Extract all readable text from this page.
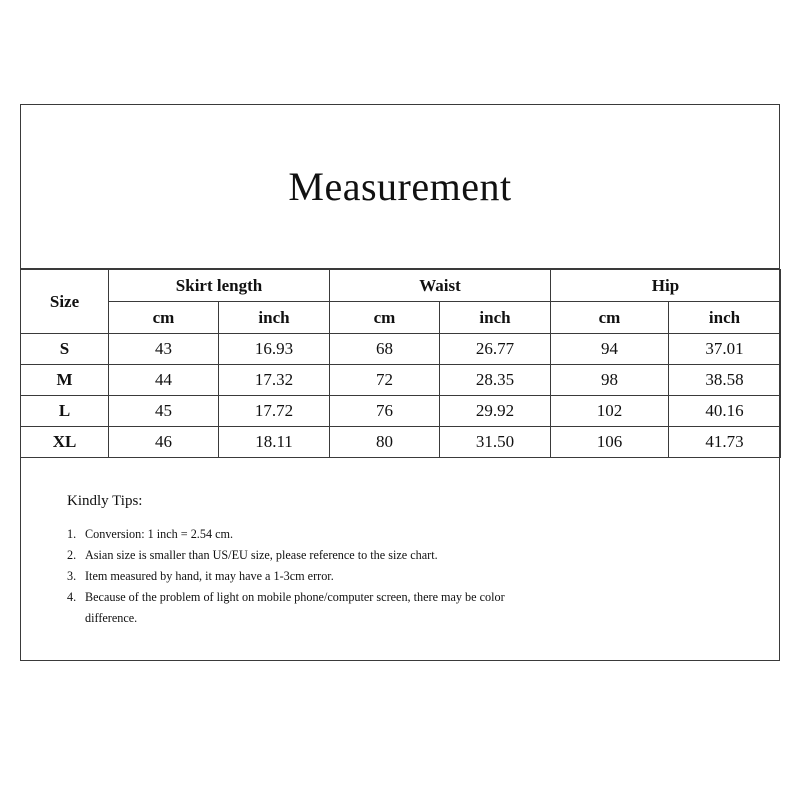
Measurement
Size	Skirt length		Waist		Hip	
	cm	inch	cm	inch	cm	inch
S	43	16.93	68	26.77	94	37.01
M	44	17.32	72	28.35	98	38.58
L	45	17.72	76	29.92	102	40.16
XL	46	18.11	80	31.50	106	41.73
Kindly Tips:
1. Conversion: 1 inch = 2.54 cm.
2. Asian size is smaller than US/EU size, please reference to the size chart.
3. Item measured by hand, it may have a 1-3cm error.
4. Because of the problem of light on mobile phone/computer screen, there may be color difference.
